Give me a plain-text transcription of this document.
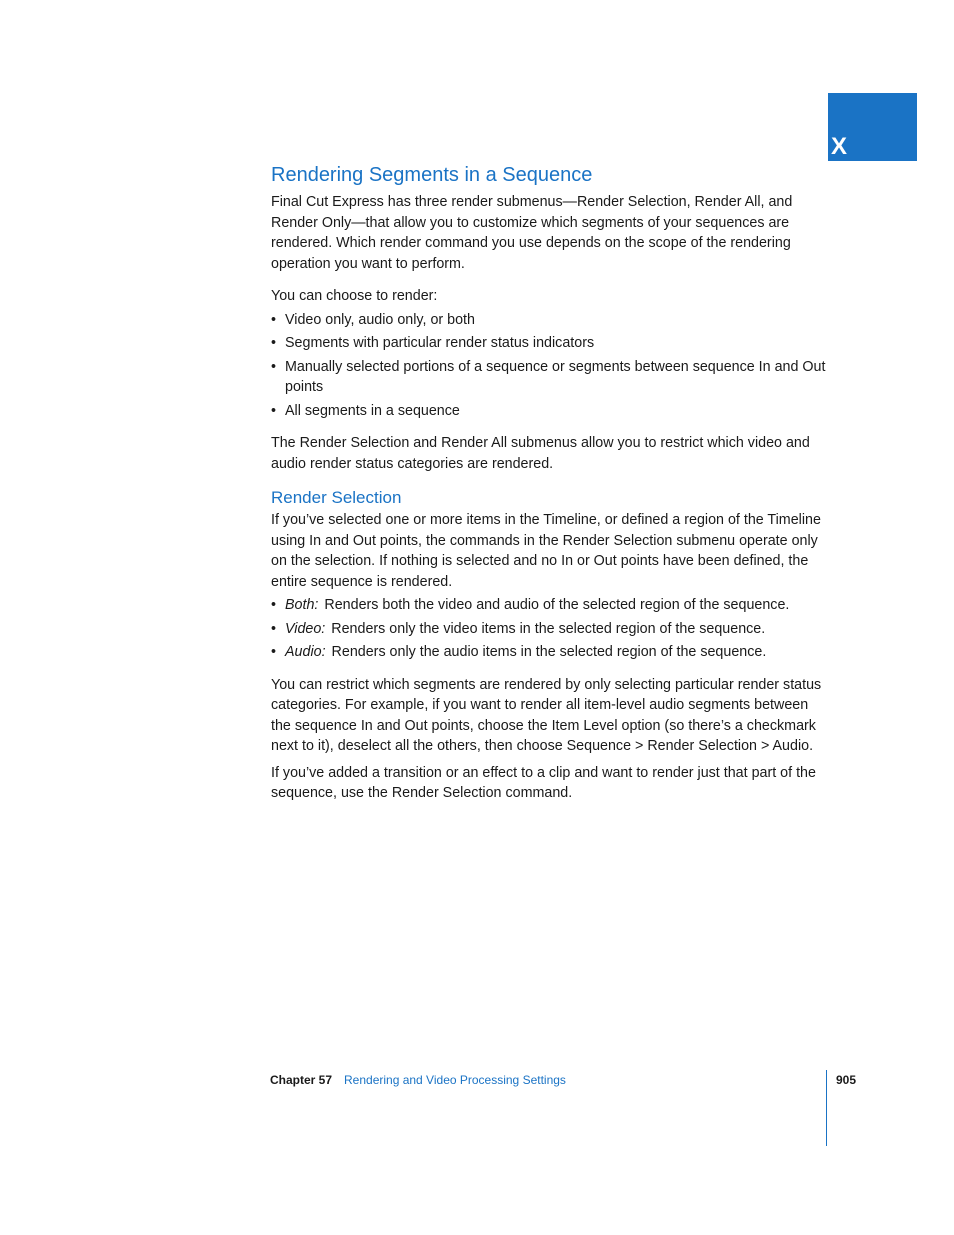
X
Rendering Segments in a Sequence

Final Cut Express has three render submenus—Render Selection, Render All, and Render Only—that allow you to customize which segments of your sequences are rendered. Which render command you use depends on the scope of the rendering operation you want to perform.

You can choose to render:

• Video only, audio only, or both
• Segments with particular render status indicators
• Manually selected portions of a sequence or segments between sequence In and Out points
• All segments in a sequence

The Render Selection and Render All submenus allow you to restrict which video and audio render status categories are rendered.

Render Selection

If you’ve selected one or more items in the Timeline, or defined a region of the Timeline using In and Out points, the commands in the Render Selection submenu operate only on the selection. If nothing is selected and no In or Out points have been defined, the entire sequence is rendered.

• Both: Renders both the video and audio of the selected region of the sequence.
• Video: Renders only the video items in the selected region of the sequence.
• Audio: Renders only the audio items in the selected region of the sequence.

You can restrict which segments are rendered by only selecting particular render status categories. For example, if you want to render all item-level audio segments between the sequence In and Out points, choose the Item Level option (so there’s a checkmark next to it), deselect all the others, then choose Sequence > Render Selection > Audio.

If you’ve added a transition or an effect to a clip and want to render just that part of the sequence, use the Render Selection command.

Chapter 57 Rendering and Video Processing Settings	905
